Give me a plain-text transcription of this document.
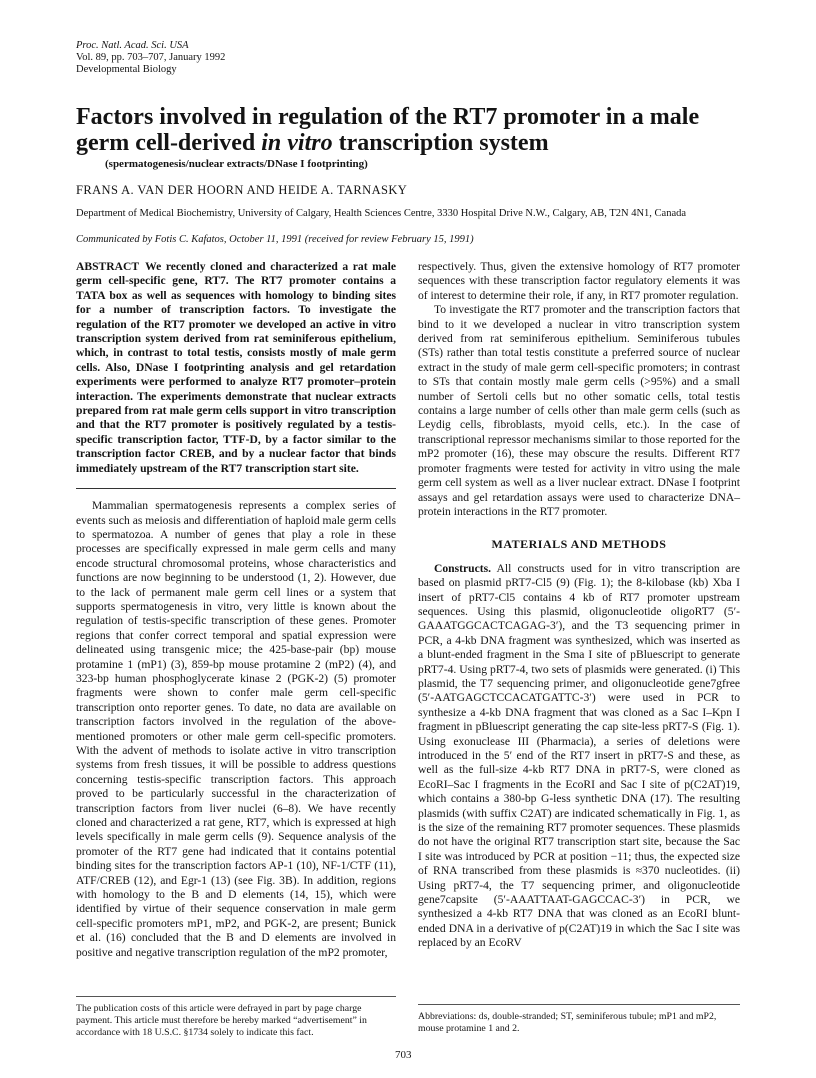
Proc. Natl. Acad. Sci. USA
Vol. 89, pp. 703–707, January 1992
Developmental Biology
Factors involved in regulation of the RT7 promoter in a male germ cell-derived in vitro transcription system
(spermatogenesis/nuclear extracts/DNase I footprinting)
FRANS A. VAN DER HOORN AND HEIDE A. TARNASKY
Department of Medical Biochemistry, University of Calgary, Health Sciences Centre, 3330 Hospital Drive N.W., Calgary, AB, T2N 4N1, Canada
Communicated by Fotis C. Kafatos, October 11, 1991 (received for review February 15, 1991)

ABSTRACT We recently cloned and characterized a rat male germ cell-specific gene, RT7. The RT7 promoter contains a TATA box as well as sequences with homology to binding sites for a number of transcription factors. To investigate the regulation of the RT7 promoter we developed an active in vitro transcription system derived from rat seminiferous epithelium, which, in contrast to total testis, consists mostly of male germ cells. Also, DNase I footprinting analysis and gel retardation experiments were performed to analyze RT7 promoter–protein interaction. The experiments demonstrate that nuclear extracts prepared from rat male germ cells support in vitro transcription and that the RT7 promoter is positively regulated by a testis-specific transcription factor, TTF-D, by a factor similar to the transcription factor CREB, and by a nuclear factor that binds immediately upstream of the RT7 transcription start site.

Mammalian spermatogenesis represents a complex series of events such as meiosis and differentiation of haploid male germ cells to spermatozoa. A number of genes that play a role in these processes are specifically expressed in male germ cells and many encode structural chromosomal proteins, whose characteristics and functions are now beginning to be understood (1, 2). However, due to the lack of permanent male germ cell lines or a system that supports spermatogenesis in vitro, very little is known about the regulation of testis-specific transcription of these genes. Promoter regions that confer correct temporal and spatial expression were delineated using transgenic mice; the 425-base-pair (bp) mouse protamine 1 (mP1) (3), 859-bp mouse protamine 2 (mP2) (4), and 323-bp human phosphoglycerate kinase 2 (PGK-2) (5) promoter fragments were shown to confer male germ cell-specific transcription onto reporter genes. To date, no data are available on transcription factors involved in the regulation of the above-mentioned promoters or other male germ cell-specific promoters. With the advent of methods to isolate active in vitro transcription systems from fresh tissues, it will be possible to address questions concerning testis-specific transcription factors. This approach proved to be particularly successful in the characterization of transcription factors from liver nuclei (6–8). We have recently cloned and characterized a rat gene, RT7, which is expressed at high levels specifically in male germ cells (9). Sequence analysis of the promoter of the RT7 gene had indicated that it contains potential binding sites for the transcription factors AP-1 (10), NF-1/CTF (11), ATF/CREB (12), and Egr-1 (13) (see Fig. 3B). In addition, regions with homology to the B and D elements (14, 15), which were identified by virtue of their sequence conservation in male germ cell-specific promoters mP1, mP2, and PGK-2, are present; Bunick et al. (16) concluded that the B and D elements are involved in positive and negative transcription regulation of the mP2 promoter,

respectively. Thus, given the extensive homology of RT7 promoter sequences with these transcription factor regulatory elements it was of interest to determine their role, if any, in RT7 promoter regulation.

To investigate the RT7 promoter and the transcription factors that bind to it we developed a nuclear in vitro transcription system derived from rat seminiferous epithelium. Seminiferous tubules (STs) rather than total testis constitute a preferred source of nuclear extract in the study of male germ cell-specific promoters; in contrast to STs that contain mostly male germ cells (>95%) and a small number of Sertoli cells but no other somatic cells, total testis contains a large number of cells other than male germ cells (such as Leydig cells, fibroblasts, myoid cells, etc.). In the case of transcriptional repressor mechanisms similar to those reported for the mP2 promoter (16), these may obscure the results. Different RT7 promoter fragments were tested for activity in vitro using the male germ cell system as well as a liver nuclear extract. DNase I footprint assays and gel retardation assays were used to characterize DNA–protein interactions in the RT7 promoter.

MATERIALS AND METHODS

Constructs. All constructs used for in vitro transcription are based on plasmid pRT7-Cl5 (9) (Fig. 1); the 8-kilobase (kb) Xba I insert of pRT7-Cl5 contains 4 kb of RT7 promoter upstream sequences. Using this plasmid, oligonucleotide oligoRT7 (5′-GAAATGGCACTCAGAG-3′), and the T3 sequencing primer in PCR, a 4-kb DNA fragment was synthesized, which was inserted as a blunt-ended fragment in the Sma I site of pBluescript to generate pRT7-4. Using pRT7-4, two sets of plasmids were generated. (i) This plasmid, the T7 sequencing primer, and oligonucleotide gene7gfree (5′-AATGAGCTCCACATGATTC-3′) were used in PCR to synthesize a 4-kb DNA fragment that was cloned as a Sac I–Kpn I fragment in pBluescript generating the cap site-less pRT7-S (Fig. 1). Using exonuclease III (Pharmacia), a series of deletions were introduced in the 5′ end of the RT7 insert in pRT7-S and these, as well as the full-size 4-kb RT7 DNA in pRT7-S, were cloned as EcoRI–Sac I fragments in the EcoRI and Sac I site of p(C2AT)19, which contains a 380-bp G-less synthetic DNA (17). The resulting plasmids (with suffix C2AT) are indicated schematically in Fig. 1, as is the size of the remaining RT7 promoter sequences. These plasmids do not have the original RT7 transcription start site, because the Sac I site was introduced by PCR at position −11; thus, the expected size of RNA transcribed from these plasmids is ≈370 nucleotides. (ii) Using pRT7-4, the T7 sequencing primer, and oligonucleotide gene7capsite (5′-AAATTAAT-GAGCCAC-3′) in PCR, we synthesized a 4-kb RT7 DNA that was cloned as an EcoRI blunt-ended DNA in a derivative of p(C2AT)19 in which the Sac I site was replaced by an EcoRV

The publication costs of this article were defrayed in part by page charge payment. This article must therefore be hereby marked “advertisement” in accordance with 18 U.S.C. §1734 solely to indicate this fact.
Abbreviations: ds, double-stranded; ST, seminiferous tubule; mP1 and mP2, mouse protamine 1 and 2.
703
